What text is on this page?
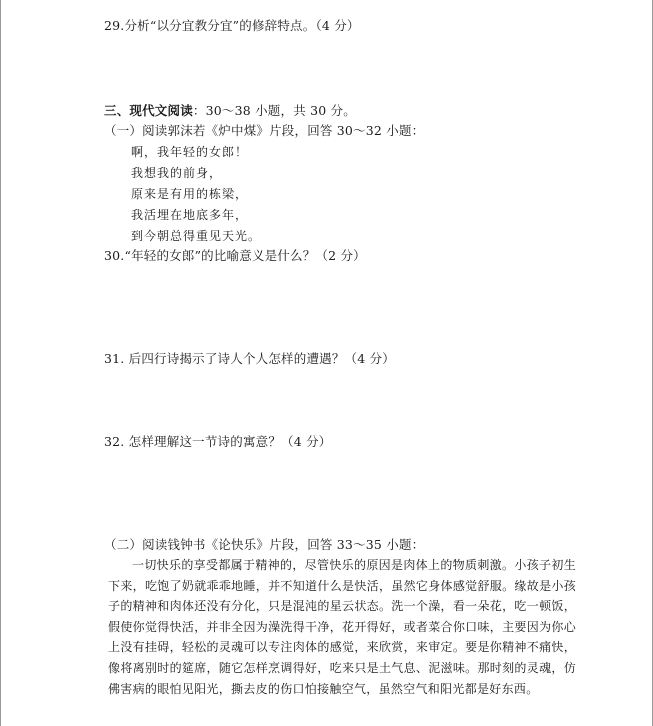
29.分析“以分宜教分宜”的修辞特点。（4 分）
三、现代文阅读：30～38 小题，共 30 分。
（一）阅读郭沫若《炉中煤》片段，回答 30～32 小题：
啊，我年轻的女郎！
我想我的前身，
原来是有用的栋梁，
我活埋在地底多年，
到今朝总得重见天光。
30.“年轻的女郎”的比喻意义是什么？（2 分）
31. 后四行诗揭示了诗人个人怎样的遭遇？（4 分）
32. 怎样理解这一节诗的寓意？（4 分）
（二）阅读钱钟书《论快乐》片段，回答 33～35 小题：
一切快乐的享受都属于精神的，尽管快乐的原因是肉体上的物质刺激。小孩子初生下来，吃饱了奶就乖乖地睡，并不知道什么是快活，虽然它身体感觉舒服。缘故是小孩子的精神和肉体还没有分化，只是混沌的星云状态。洗一个澡，看一朵花，吃一顿饭，假使你觉得快活，并非全因为澡洗得干净，花开得好，或者菜合你口味，主要因为你心上没有挂碍，轻松的灵魂可以专注肉体的感觉，来欣赏，来审定。要是你精神不痛快，像将离别时的筵席，随它怎样烹调得好，吃来只是土气息、泥滋味。那时刻的灵魂，仿佛害病的眼怕见阳光，撕去皮的伤口怕接触空气，虽然空气和阳光都是好东西。
